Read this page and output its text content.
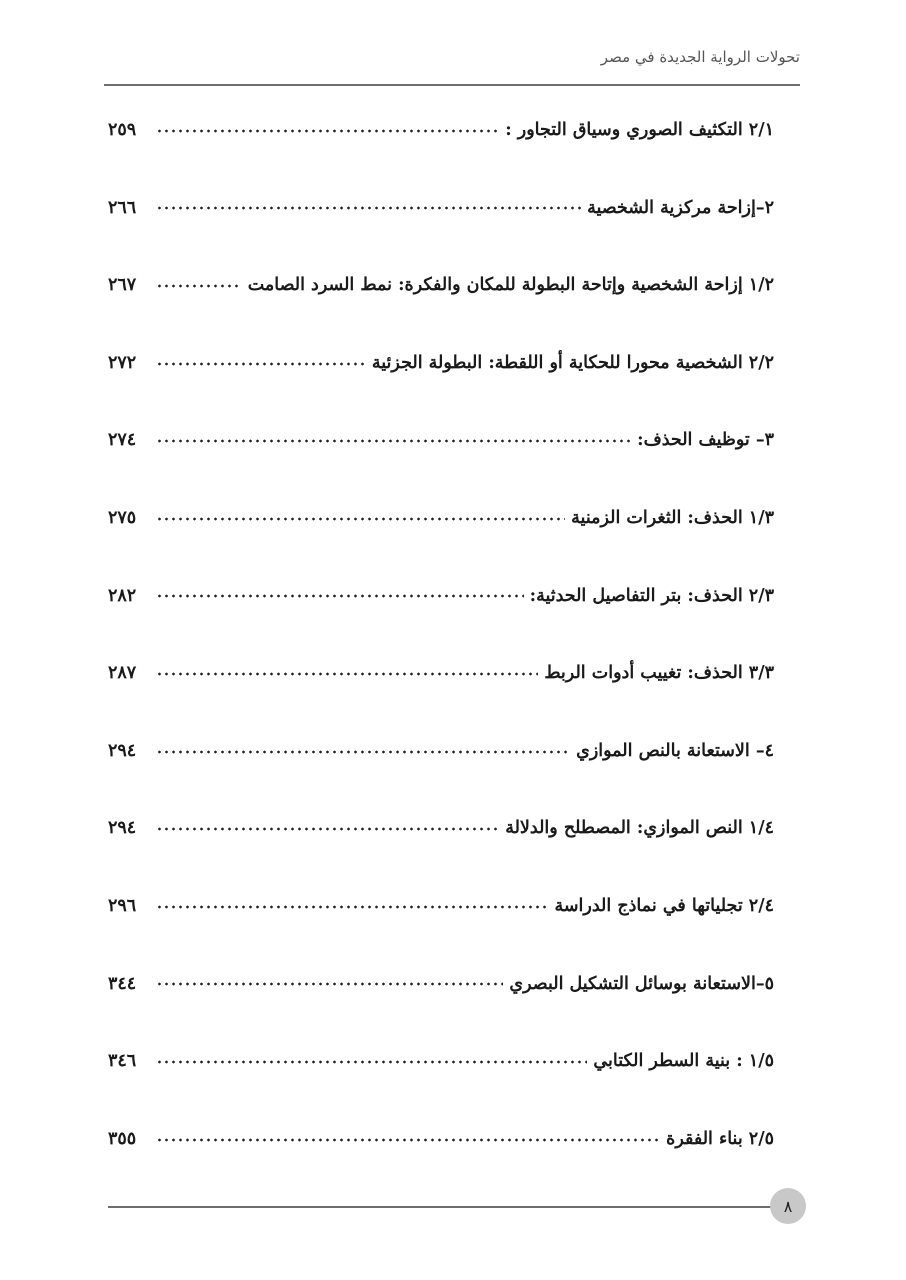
تحولات الرواية الجديدة في مصر
٢/١ التكثيف الصوري وسياق التجاور :
٢٥٩
٢–إزاحة مركزية الشخصية
٢٦٦
١/٢ إزاحة الشخصية وإتاحة البطولة للمكان والفكرة: نمط السرد الصامت
٢٦٧
٢/٢ الشخصية محورا للحكاية أو اللقطة: البطولة الجزئية
٢٧٢
٣– توظيف الحذف:
٢٧٤
١/٣ الحذف: الثغرات الزمنية
٢٧٥
٢/٣ الحذف: بتر التفاصيل الحدثية:
٢٨٢
٣/٣ الحذف: تغييب أدوات الربط
٢٨٧
٤– الاستعانة بالنص الموازي
٢٩٤
١/٤ النص الموازي: المصطلح والدلالة
٢٩٤
٢/٤ تجلياتها في نماذج الدراسة
٢٩٦
٥–الاستعانة بوسائل التشكيل البصري
٣٤٤
١/٥ : بنية السطر الكتابي
٣٤٦
٢/٥ بناء الفقرة
٣٥٥
٨
